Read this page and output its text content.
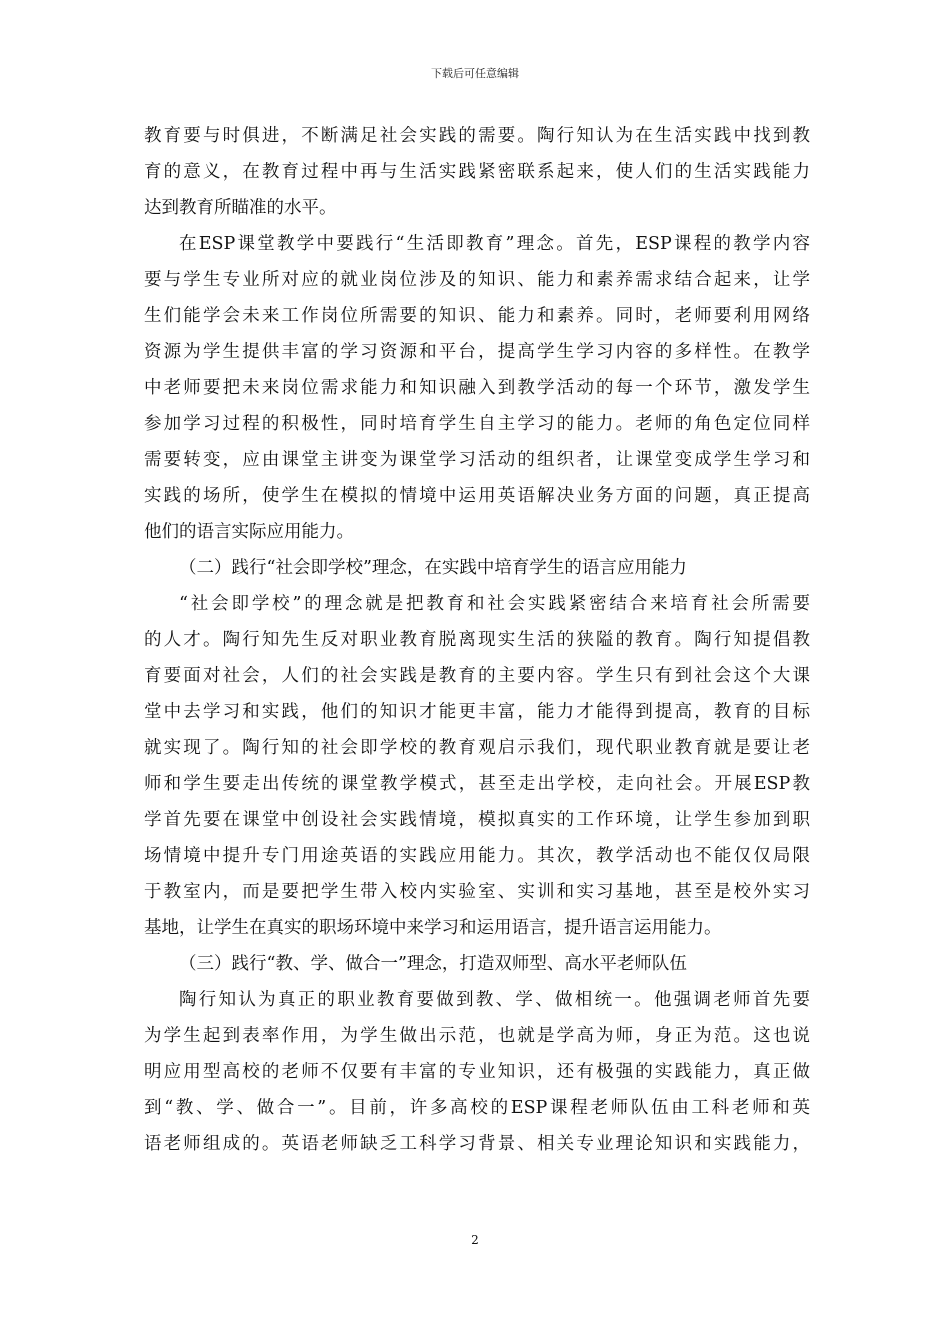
下载后可任意编辑
教育要与时俱进，不断满足社会实践的需要。陶行知认为在生活实践中找到教
育的意义，在教育过程中再与生活实践紧密联系起来，使人们的生活实践能力
达到教育所瞄准的水平。
在ESP课堂教学中要践行“生活即教育”理念。首先，ESP课程的教学内容
要与学生专业所对应的就业岗位涉及的知识、能力和素养需求结合起来，让学
生们能学会未来工作岗位所需要的知识、能力和素养。同时，老师要利用网络
资源为学生提供丰富的学习资源和平台，提高学生学习内容的多样性。在教学
中老师要把未来岗位需求能力和知识融入到教学活动的每一个环节，激发学生
参加学习过程的积极性，同时培育学生自主学习的能力。老师的角色定位同样
需要转变，应由课堂主讲变为课堂学习活动的组织者，让课堂变成学生学习和
实践的场所，使学生在模拟的情境中运用英语解决业务方面的问题，真正提高
他们的语言实际应用能力。
（二）践行“社会即学校”理念，在实践中培育学生的语言应用能力
“社会即学校”的理念就是把教育和社会实践紧密结合来培育社会所需要
的人才。陶行知先生反对职业教育脱离现实生活的狭隘的教育。陶行知提倡教
育要面对社会，人们的社会实践是教育的主要内容。学生只有到社会这个大课
堂中去学习和实践，他们的知识才能更丰富，能力才能得到提高，教育的目标
就实现了。陶行知的社会即学校的教育观启示我们，现代职业教育就是要让老
师和学生要走出传统的课堂教学模式，甚至走出学校，走向社会。开展ESP教
学首先要在课堂中创设社会实践情境，模拟真实的工作环境，让学生参加到职
场情境中提升专门用途英语的实践应用能力。其次，教学活动也不能仅仅局限
于教室内，而是要把学生带入校内实验室、实训和实习基地，甚至是校外实习
基地，让学生在真实的职场环境中来学习和运用语言，提升语言运用能力。
（三）践行“教、学、做合一”理念，打造双师型、高水平老师队伍
陶行知认为真正的职业教育要做到教、学、做相统一。他强调老师首先要
为学生起到表率作用，为学生做出示范，也就是学高为师，身正为范。这也说
明应用型高校的老师不仅要有丰富的专业知识，还有极强的实践能力，真正做
到“教、学、做合一”。目前，许多高校的ESP课程老师队伍由工科老师和英
语老师组成的。英语老师缺乏工科学习背景、相关专业理论知识和实践能力，
2
